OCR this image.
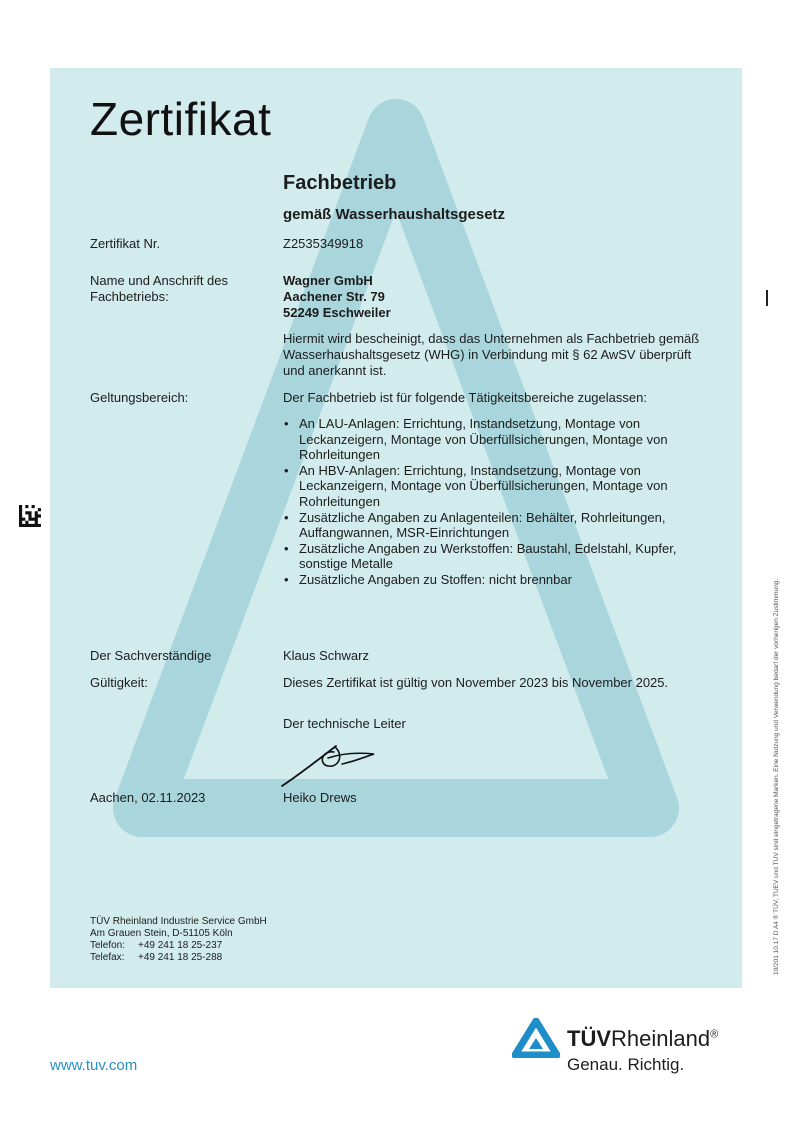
Zertifikat
Fachbetrieb
gemäß Wasserhaushaltsgesetz
Zertifikat Nr.	Z2535349918
Name und Anschrift des
Fachbetriebs:
Wagner GmbH
Aachener Str. 79
52249 Eschweiler
Hiermit wird bescheinigt, dass das Unternehmen als Fachbetrieb gemäß Wasserhaushaltsgesetz (WHG) in Verbindung mit § 62 AwSV überprüft und anerkannt ist.
Geltungsbereich:	Der Fachbetrieb ist für folgende Tätigkeitsbereiche zugelassen:
• An LAU-Anlagen: Errichtung, Instandsetzung, Montage von Leckanzeigern, Montage von Überfüllsicherungen, Montage von Rohrleitungen
• An HBV-Anlagen: Errichtung, Instandsetzung, Montage von Leckanzeigern, Montage von Überfüllsicherungen, Montage von Rohrleitungen
• Zusätzliche Angaben zu Anlagenteilen: Behälter, Rohrleitungen, Auffangwannen, MSR-Einrichtungen
• Zusätzliche Angaben zu Werkstoffen: Baustahl, Edelstahl, Kupfer, sonstige Metalle
• Zusätzliche Angaben zu Stoffen: nicht brennbar
Der Sachverständige	Klaus Schwarz
Gültigkeit:	Dieses Zertifikat ist gültig von November 2023 bis November 2025.
Der technische Leiter
Aachen, 02.11.2023	Heiko Drews
TÜV Rheinland Industrie Service GmbH
Am Grauen Stein, D-51105 Köln
Telefon: +49 241 18 25-237
Telefax: +49 241 18 25-288
www.tuv.com
TÜVRheinland®
Genau. Richtig.
10/201 10.17 D A4 ® TÜV, TUEV und TUV sind eingetragene Marken. Eine Nutzung und Verwendung bedarf der vorherigen Zustimmung.
